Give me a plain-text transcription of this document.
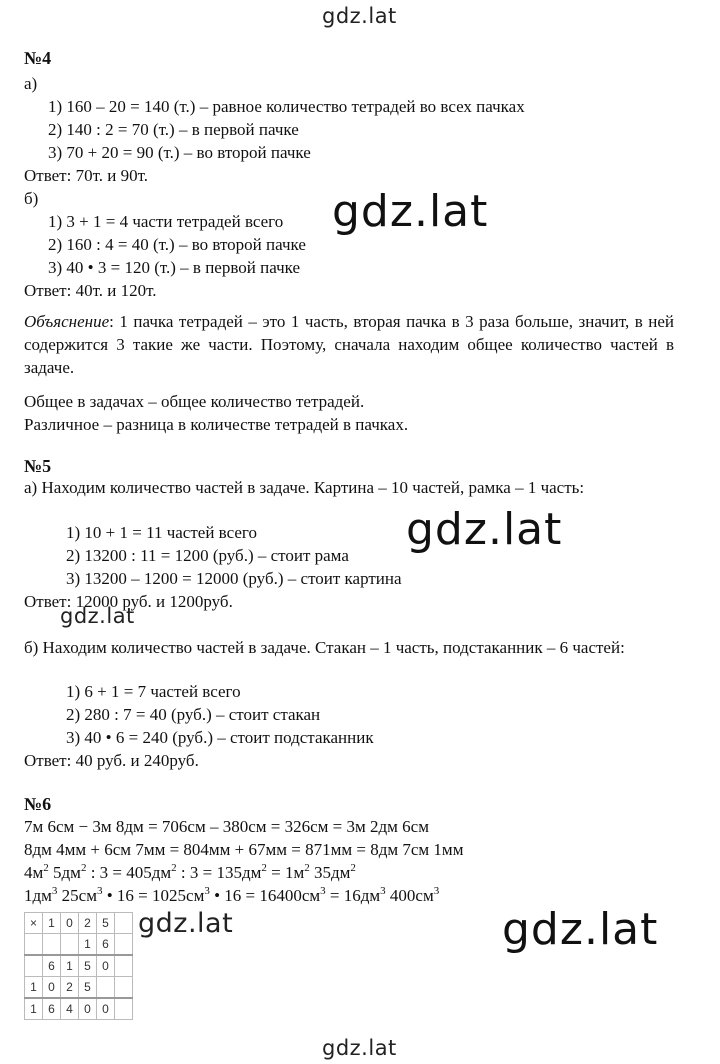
gdz.lat
gdz.lat
gdz.lat
gdz.lat
gdz.lat	gdz.lat
gdz.lat
№4
а)
1) 160 – 20 = 140 (т.) – равное количество тетрадей во всех пачках
2) 140 : 2 = 70 (т.) – в первой пачке
3) 70 + 20 = 90 (т.) – во второй пачке
Ответ: 70т. и 90т.
б)
1) 3 + 1 = 4 части тетрадей всего
2) 160 : 4 = 40 (т.) – во второй пачке
3) 40 • 3 = 120 (т.) – в первой пачке
Ответ: 40т. и 120т.
Объяснение: 1 пачка тетрадей – это 1 часть, вторая пачка в 3 раза больше, значит, в ней содержится 3 такие же части. Поэтому, сначала находим общее количество частей в задаче.
Общее в задачах – общее количество тетрадей.
Различное – разница в количестве тетрадей в пачках.
№5
а) Находим количество частей в задаче. Картина – 10 частей, рамка – 1 часть:
1) 10 + 1 = 11 частей всего
2) 13200 : 11 = 1200 (руб.) – стоит рама
3) 13200 – 1200 = 12000 (руб.) – стоит картина
Ответ: 12000 руб. и 1200руб.
б) Находим количество частей в задаче. Стакан – 1 часть, подстаканник – 6 частей:
1) 6 + 1 = 7 частей всего
2) 280 : 7 = 40 (руб.) – стоит стакан
3) 40 • 6 = 240 (руб.) – стоит подстаканник
Ответ: 40 руб. и 240руб.
№6
7м 6см − 3м 8дм = 706см – 380см = 326см = 3м 2дм 6см
8дм 4мм + 6см 7мм = 804мм + 67мм = 871мм = 8дм 7см 1мм
$4м^2$ $5дм^2$ : $3 = 405дм^2$ : $3 = 135дм^2 = 1м^2$ $35дм^2$
$1дм^3$ $25см^3$ • $16 = 1025см^3$ • $16 = 16400см^3 = 16дм^3$ $400см^3$
×	1	0	2	5	
			1	6	
	6	1	5	0	
1	0	2	5		
1	6	4	0	0	
